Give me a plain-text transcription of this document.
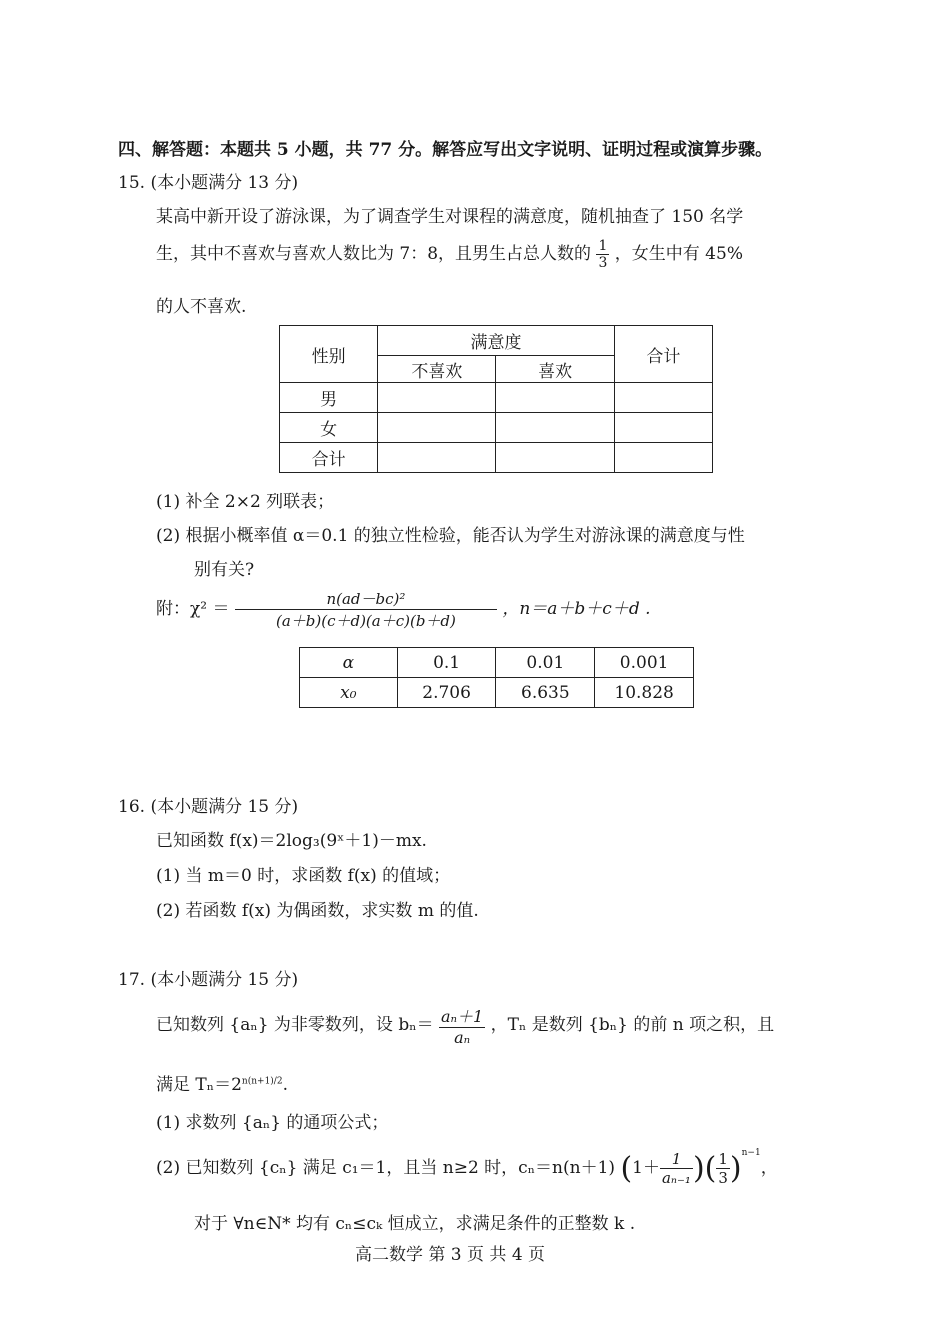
四、解答题：本题共 5 小题，共 77 分。解答应写出文字说明、证明过程或演算步骤。
15. (本小题满分 13 分)
某高中新开设了游泳课，为了调查学生对课程的满意度，随机抽查了 150 名学
生，其中不喜欢与喜欢人数比为 7：8，且男生占总人数的 $\frac{1}{3}$ ，女生中有 45%
的人不喜欢.
性别	满意度		合计
	不喜欢	喜欢	
男			
女			
合计			
(1) 补全 2×2 列联表；
(2) 根据小概率值 α＝0.1 的独立性检验，能否认为学生对游泳课的满意度与性
别有关?
附：$\chi^2 = \frac{\text{n(ad－bc)²}}{(a+b)(c+d)(a+c)(b+d)}$ ，n＝a＋b＋c＋d .
α	0.1	0.01	0.001
x₀	2.706	6.635	10.828
16. (本小题满分 15 分)
已知函数 f(x)＝2log₃(9ˣ＋1)－mx.
(1) 当 m＝0 时，求函数 f(x) 的值域；
(2) 若函数 f(x) 为偶函数，求实数 m 的值.
17. (本小题满分 15 分)
已知数列 {aₙ} 为非零数列，设 $b_n= \frac{\text{aₙ＋1}}{\text{aₙ}}$ ，Tₙ 是数列 {bₙ} 的前 n 项之积，且
满足 $T_n=2^{n(n+1)/2}$.
(1) 求数列 {aₙ} 的通项公式；
(2) 已知数列 {cₙ} 满足 c₁＝1，且当 n≥2 时，cₙ＝n(n＋1) ($1+ \frac{1}{\text{aₙ₋₁}}$ )( $\frac{1}{3} )^{n-1}$，
对于 ∀n∈N* 均有 cₙ≤cₖ 恒成立，求满足条件的正整数 k .
高二数学 第 3 页 共 4 页
